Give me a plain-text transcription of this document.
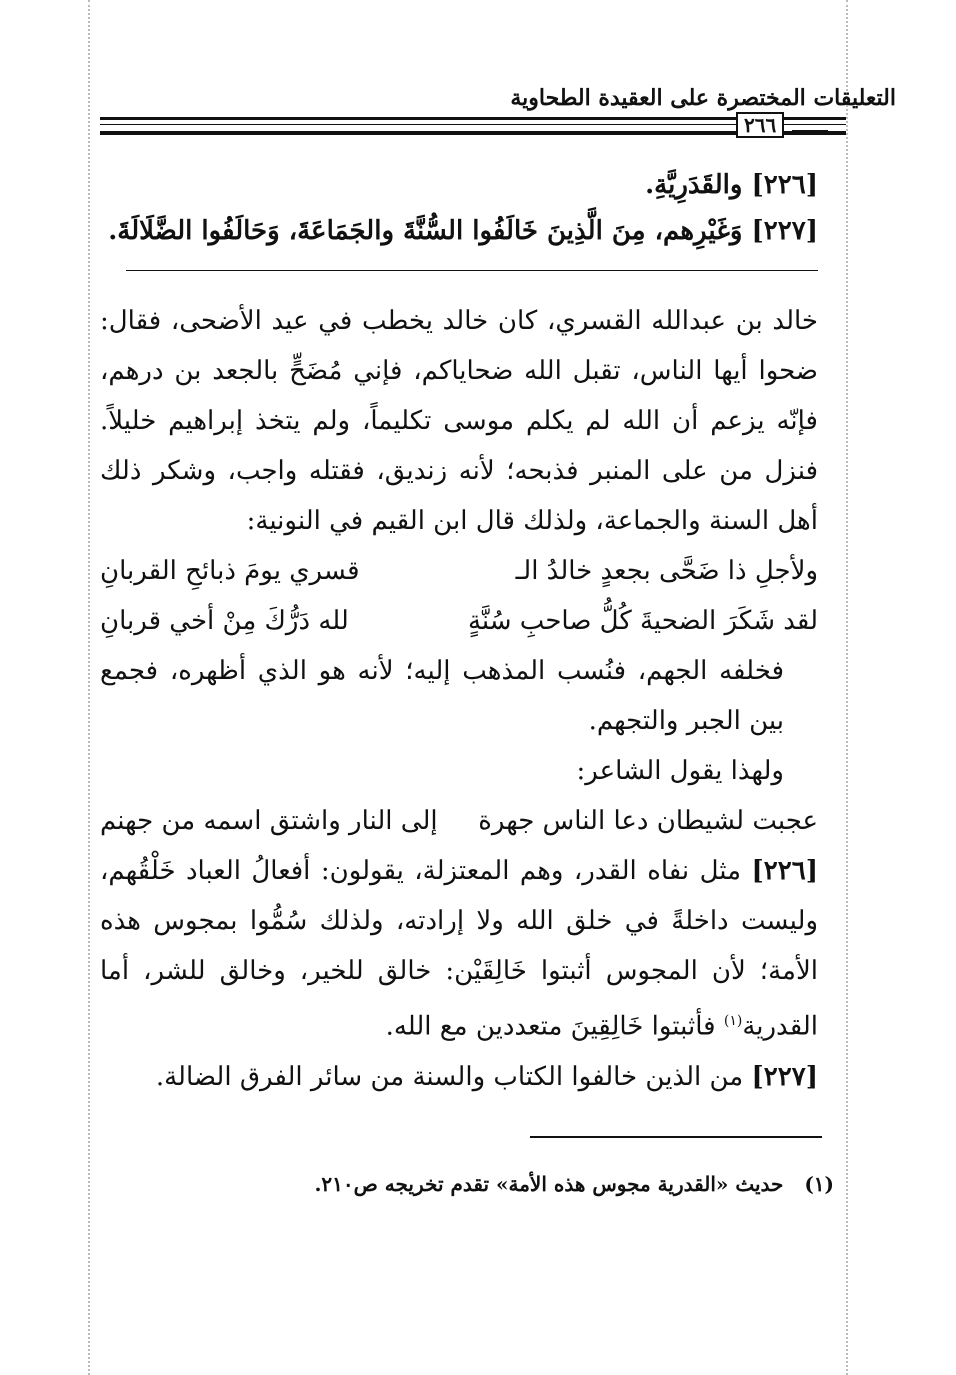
التعليقات المختصرة على العقيدة الطحاوية
٢٦٦
[٢٢٦] والقَدَرِيَّةِ.
[٢٢٧] وَغَيْرِهم، مِنَ الَّذِينَ خَالَفُوا السُّنَّةَ والجَمَاعَةَ، وَحَالَفُوا الضَّلَالَةَ.

خالد بن عبدالله القسري، كان خالد يخطب في عيد الأضحى، فقال: ضحوا أيها الناس، تقبل الله ضحاياكم، فإني مُضَحٍّ بالجعد بن درهم، فإنّه يزعم أن الله لم يكلم موسى تكليماً، ولم يتخذ إبراهيم خليلاً. فنزل من على المنبر فذبحه؛ لأنه زنديق، فقتله واجب، وشكر ذلك أهل السنة والجماعة، ولذلك قال ابن القيم في النونية:

ولأجلِ ذا ضَحَّى بجعدٍ خالدُ الـ
قسري يومَ ذبائحِ القربانِ
لقد شَكَرَ الضحيةَ كُلُّ صاحبِ سُنَّةٍ
لله دَرُّكَ مِنْ أخي قربانِ

فخلفه الجهم، فنُسب المذهب إليه؛ لأنه هو الذي أظهره، فجمع بين الجبر والتجهم.

ولهذا يقول الشاعر:

عجبت لشيطان دعا الناس جهرة
إلى النار واشتق اسمه من جهنم

[٢٢٦] مثل نفاه القدر، وهم المعتزلة، يقولون: أفعالُ العباد خَلْقُهم، وليست داخلةً في خلق الله ولا إرادته، ولذلك سُمُّوا بمجوس هذه الأمة؛ لأن المجوس أثبتوا خَالِقَيْن: خالق للخير، وخالق للشر، أما القدرية$^{(١)}$ فأثبتوا خَالِقِينَ متعددين مع الله.

[٢٢٧] من الذين خالفوا الكتاب والسنة من سائر الفرق الضالة.

(١)   حديث «القدرية مجوس هذه الأمة» تقدم تخريجه ص٢١٠.
